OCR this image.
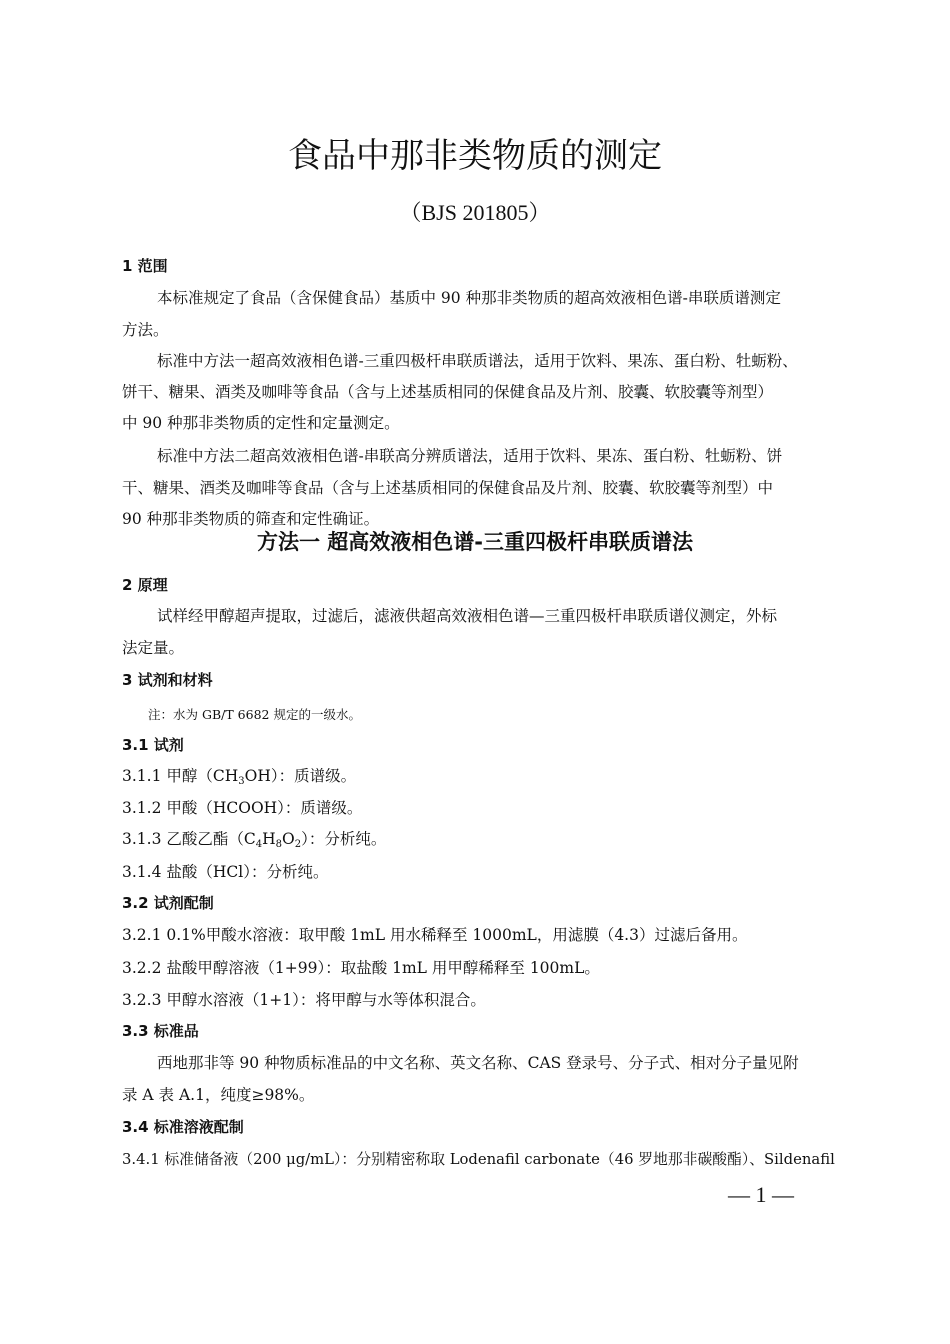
食品中那非类物质的测定
（BJS 201805）
1 范围
本标准规定了食品（含保健食品）基质中 90 种那非类物质的超高效液相色谱-串联质谱测定
方法。
标准中方法一超高效液相色谱-三重四极杆串联质谱法，适用于饮料、果冻、蛋白粉、牡蛎粉、
饼干、糖果、酒类及咖啡等食品（含与上述基质相同的保健食品及片剂、胶囊、软胶囊等剂型）
中 90 种那非类物质的定性和定量测定。
标准中方法二超高效液相色谱-串联高分辨质谱法，适用于饮料、果冻、蛋白粉、牡蛎粉、饼
干、糖果、酒类及咖啡等食品（含与上述基质相同的保健食品及片剂、胶囊、软胶囊等剂型）中
90 种那非类物质的筛查和定性确证。
方法一 超高效液相色谱-三重四极杆串联质谱法
2 原理
试样经甲醇超声提取，过滤后，滤液供超高效液相色谱—三重四极杆串联质谱仪测定，外标
法定量。
3 试剂和材料
注：水为 GB/T 6682 规定的一级水。
3.1 试剂
3.1.1 甲醇$(CH_3OH)$：质谱级。
3.1.2 甲酸（HCOOH）：质谱级。
3.1.3 乙酸乙酯$(C_4H_8O_2)$：分析纯。
3.1.4 盐酸（HCl）：分析纯。
3.2 试剂配制
3.2.1 0.1%甲酸水溶液：取甲酸 1mL 用水稀释至 1000mL，用滤膜（4.3）过滤后备用。
3.2.2 盐酸甲醇溶液（1+99）：取盐酸 1mL 用甲醇稀释至 100mL。
3.2.3 甲醇水溶液（1+1）：将甲醇与水等体积混合。
3.3 标准品
西地那非等 90 种物质标准品的中文名称、英文名称、CAS 登录号、分子式、相对分子量见附
录 A 表 A.1，纯度≥98%。
3.4 标准溶液配制
3.4.1 标准储备液（200 μg/mL）：分别精密称取 Lodenafil carbonate（46 罗地那非碳酸酯）、Sildenafil
— 1 —
